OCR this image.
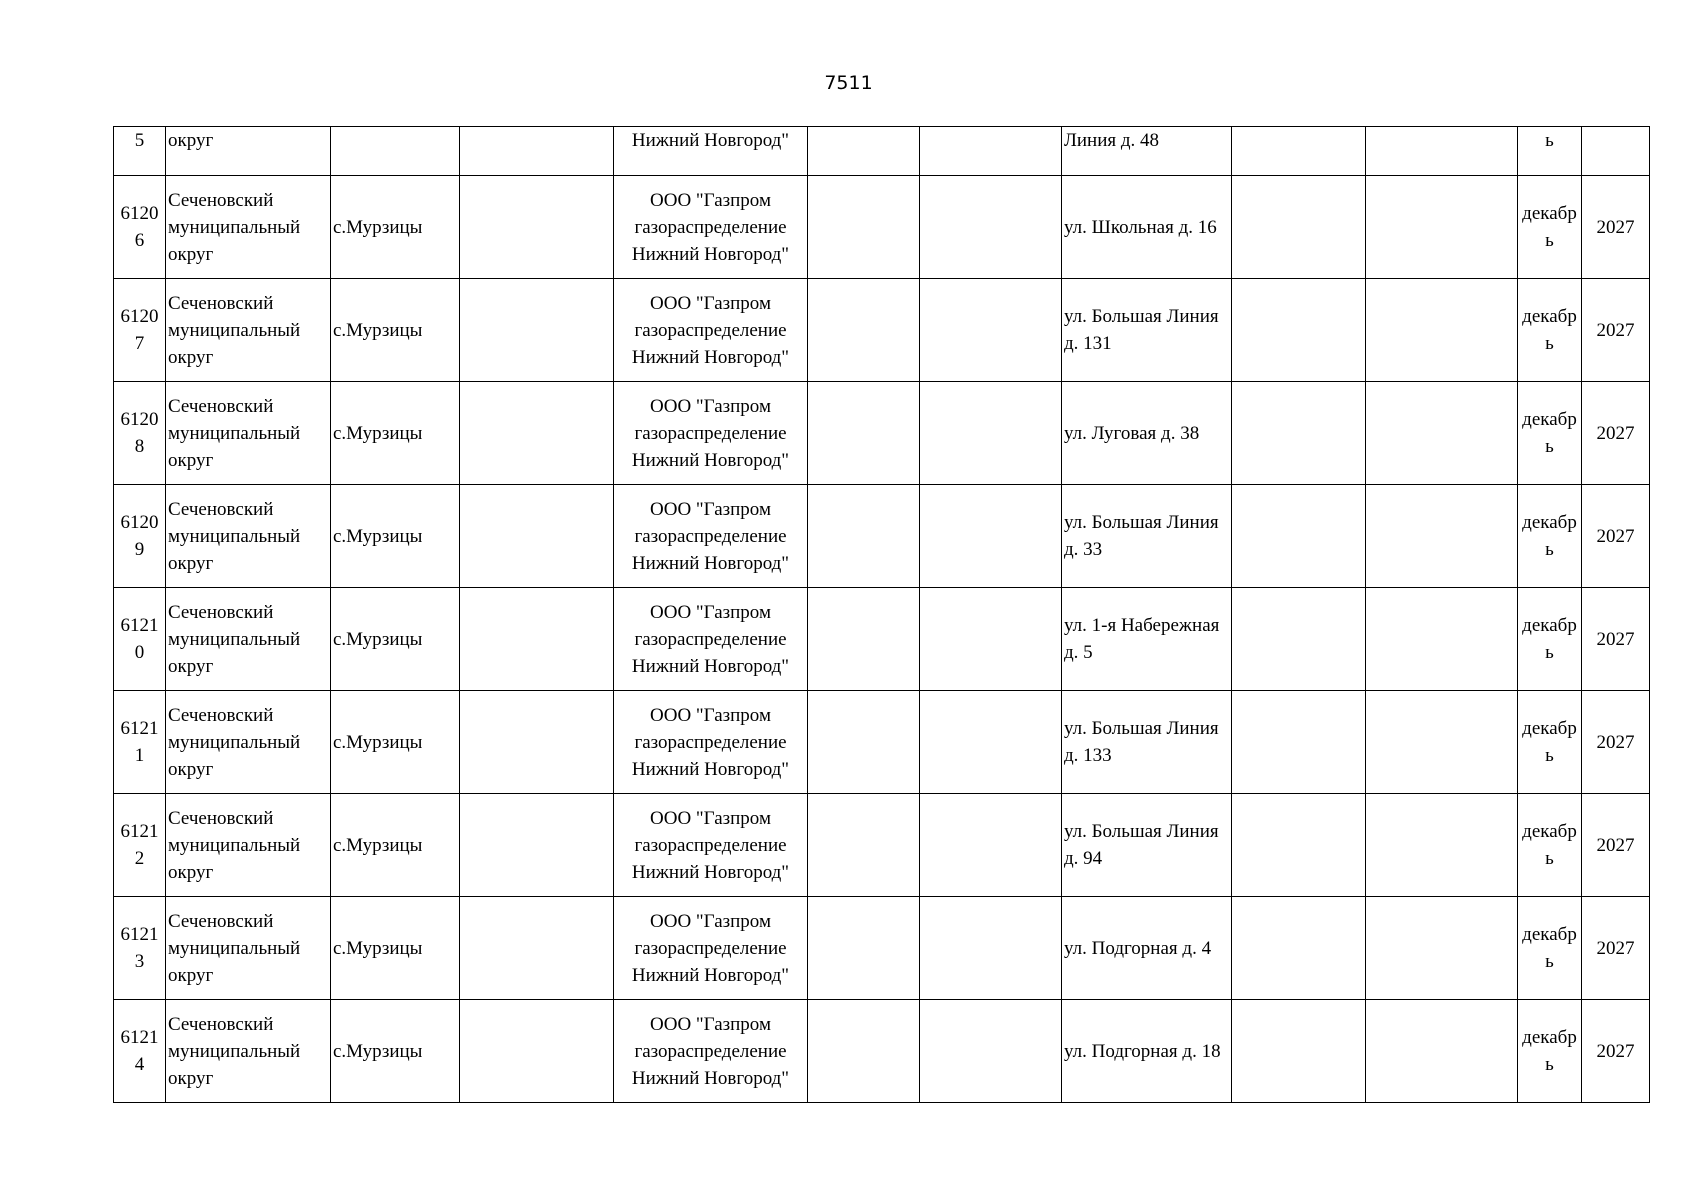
7511
5	округ			Нижний Новгород"			Линия д. 48			ь	
61206	Сеченовский муниципальный округ	с.Мурзицы		ООО "Газпром газораспределение Нижний Новгород"			ул. Школьная д. 16			декабрь	2027
61207	Сеченовский муниципальный округ	с.Мурзицы		ООО "Газпром газораспределение Нижний Новгород"			ул. Большая Линия д. 131			декабрь	2027
61208	Сеченовский муниципальный округ	с.Мурзицы		ООО "Газпром газораспределение Нижний Новгород"			ул. Луговая д. 38			декабрь	2027
61209	Сеченовский муниципальный округ	с.Мурзицы		ООО "Газпром газораспределение Нижний Новгород"			ул. Большая Линия д. 33			декабрь	2027
61210	Сеченовский муниципальный округ	с.Мурзицы		ООО "Газпром газораспределение Нижний Новгород"			ул. 1-я Набережная д. 5			декабрь	2027
61211	Сеченовский муниципальный округ	с.Мурзицы		ООО "Газпром газораспределение Нижний Новгород"			ул. Большая Линия д. 133			декабрь	2027
61212	Сеченовский муниципальный округ	с.Мурзицы		ООО "Газпром газораспределение Нижний Новгород"			ул. Большая Линия д. 94			декабрь	2027
61213	Сеченовский муниципальный округ	с.Мурзицы		ООО "Газпром газораспределение Нижний Новгород"			ул. Подгорная д. 4			декабрь	2027
61214	Сеченовский муниципальный округ	с.Мурзицы		ООО "Газпром газораспределение Нижний Новгород"			ул. Подгорная д. 18			декабрь	2027
